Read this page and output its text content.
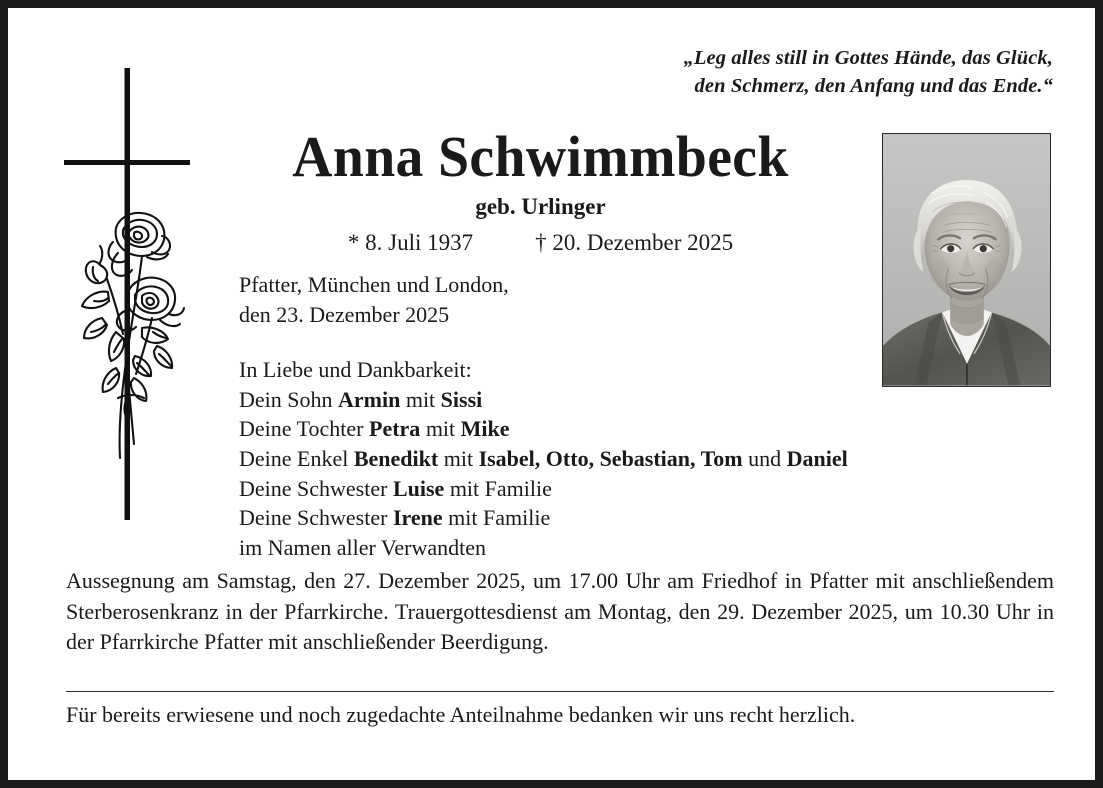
„Leg alles still in Gottes Hände, das Glück,
den Schmerz, den Anfang und das Ende.“
Anna Schwimmbeck
geb. Urlinger
* 8. Juli 1937	† 20. Dezember 2025
Pfatter, München und London,
den 23. Dezember 2025
In Liebe und Dankbarkeit:
Dein Sohn Armin mit Sissi
Deine Tochter Petra mit Mike
Deine Enkel Benedikt mit Isabel, Otto, Sebastian, Tom und Daniel
Deine Schwester Luise mit Familie
Deine Schwester Irene mit Familie
im Namen aller Verwandten
Aussegnung am Samstag, den 27. Dezember 2025, um 17.00 Uhr am Friedhof in Pfatter mit anschließendem Sterberosenkranz in der Pfarrkirche. Trauergottesdienst am Montag, den 29. Dezember 2025, um 10.30 Uhr in der Pfarrkirche Pfatter mit anschließender Beerdigung.
Für bereits erwiesene und noch zugedachte Anteilnahme bedanken wir uns recht herzlich.
